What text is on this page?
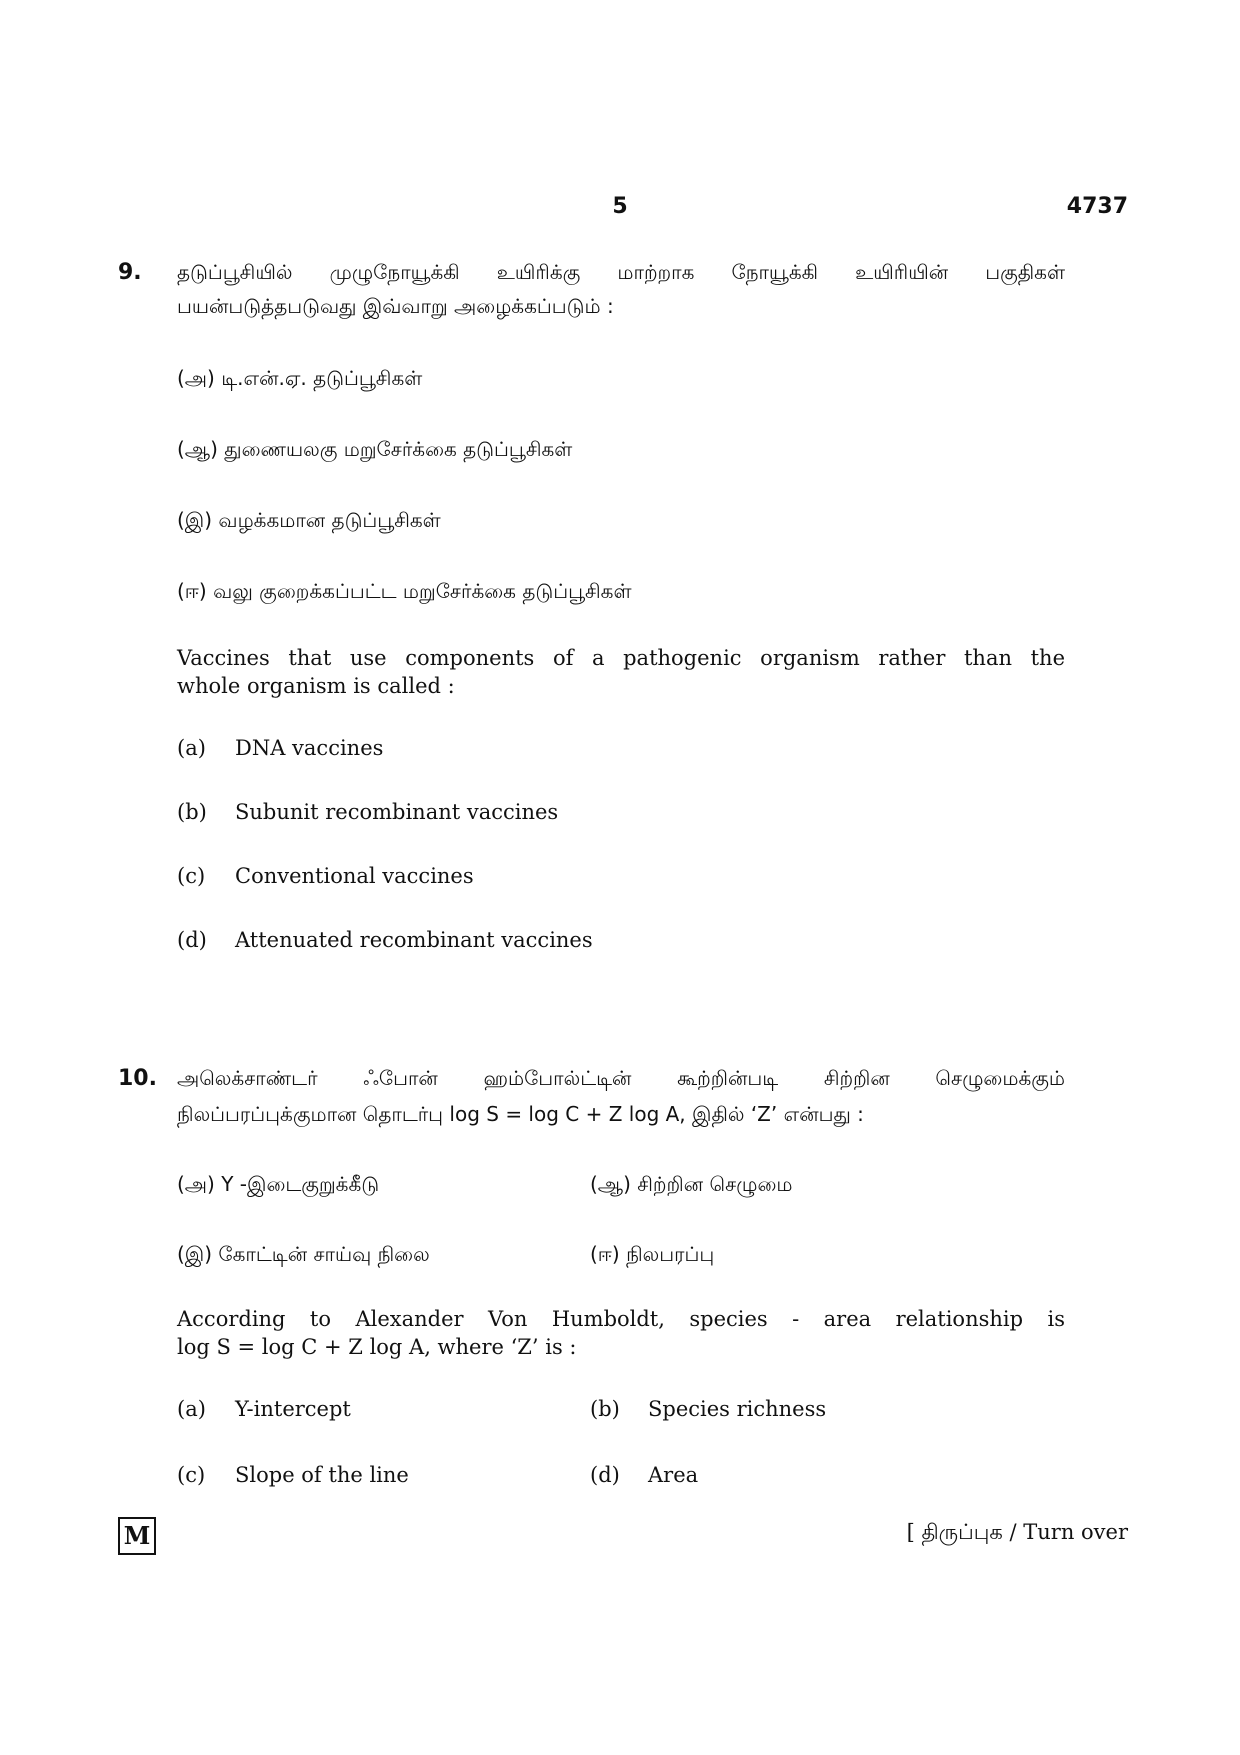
5	4737
9. தடுப்பூசியில் முழுநோயூக்கி உயிரிக்கு மாற்றாக நோயூக்கி உயிரியின் பகுதிகள்
பயன்படுத்தபடுவது இவ்வாறு அழைக்கப்படும் :
(அ) டி.என்.ஏ. தடுப்பூசிகள்
(ஆ) துணையலகு மறுசேர்க்கை தடுப்பூசிகள்
(இ) வழக்கமான தடுப்பூசிகள்
(ஈ) வலு குறைக்கப்பட்ட மறுசேர்க்கை தடுப்பூசிகள்
Vaccines that use components of a pathogenic organism rather than the
whole organism is called :
(a) DNA vaccines
(b) Subunit recombinant vaccines
(c) Conventional vaccines
(d) Attenuated recombinant vaccines
10. அலெக்சாண்டர் ஃபோன் ஹம்போல்ட்டின் கூற்றின்படி சிற்றின செழுமைக்கும்
நிலப்பரப்புக்குமான தொடர்பு log S = log C + Z log A, இதில் ‘Z’ என்பது :
(அ) Y -இடைகுறுக்கீடு	(ஆ) சிற்றின செழுமை
(இ) கோட்டின் சாய்வு நிலை	(ஈ) நிலபரப்பு
According to Alexander Von Humboldt, species - area relationship is
log S = log C + Z log A, where ‘Z’ is :
(a) Y-intercept	(b) Species richness
(c) Slope of the line	(d) Area
M	[ திருப்புக / Turn over
